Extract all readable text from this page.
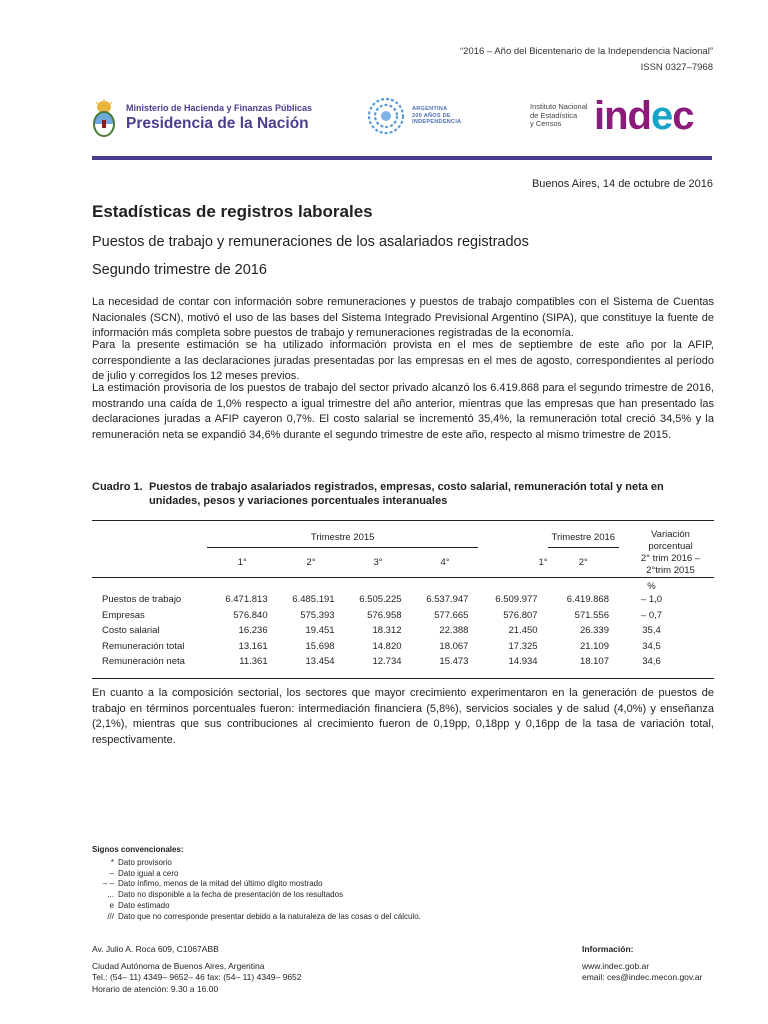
“2016 – Año del Bicentenario de la Independencia Nacional”
ISSN 0327–7968
Ministerio de Hacienda y Finanzas Públicas
Presidencia de la Nación
ARGENTINA
200 AÑOS DE
INDEPENDENCIA
Instituto Nacional
de Estadística
y Censos indec
Buenos Aires, 14 de octubre de 2016
Estadísticas de registros laborales
Puestos de trabajo y remuneraciones de los asalariados registrados
Segundo trimestre de 2016

La necesidad de contar con información sobre remuneraciones y puestos de trabajo compatibles con el Sistema de Cuentas Nacionales (SCN), motivó el uso de las bases del Sistema Integrado Previsional Argentino (SIPA), que constituye la fuente de información más completa sobre puestos de trabajo y remuneraciones registradas de la economía.

Para la presente estimación se ha utilizado información provista en el mes de septiembre de este año por la AFIP, correspondiente a las declaraciones juradas presentadas por las empresas en el mes de agosto, correspondientes al período de julio y corregidos los 12 meses previos.

La estimación provisoria de los puestos de trabajo del sector privado alcanzó los 6.419.868 para el segundo trimestre de 2016, mostrando una caída de 1,0% respecto a igual trimestre del año anterior, mientras que las empresas que han presentado las declaraciones juradas a AFIP cayeron 0,7%. El costo salarial se incrementó 35,4%, la remuneración total creció 34,5% y la remuneración neta se expandió 34,6% durante el segundo trimestre de este año, respecto al mismo trimestre de 2015.

Cuadro 1. Puestos de trabajo asalariados registrados, empresas, costo salarial, remuneración total y neta en unidades, pesos y variaciones porcentuales interanuales

	Trimestre 2015					Trimestre 2016	Variación
porcentual
2° trim 2016 –
2°trim 2015

	1°	2°	3°	4°	1°	2°	

							%
Puestos de trabajo	6.471.813	6.485.191	6.505.225	6.537.947	6.509.977	6.419.868	– 1,0
Empresas	576.840	575.393	576.958	577.665	576.807	571.556	– 0,7
Costo salarial	16.236	19.451	18.312	22.388	21.450	26.339	35,4
Remuneración total	13.161	15.698	14.820	18.067	17.325	21.109	34,5
Remuneración neta	11.361	13.454	12.734	15.473	14.934	18.107	34,6

En cuanto a la composición sectorial, los sectores que mayor crecimiento experimentaron en la generación de puestos de trabajo en términos porcentuales fueron: intermediación financiera (5,8%), servicios sociales y de salud (4,0%) y enseñanza (2,1%), mientras que sus contribuciones al crecimiento fueron de 0,19pp, 0,18pp y 0,16pp de la tasa de variación total, respectivamente.

Signos convencionales:
* Dato provisorio
– Dato igual a cero
– – Dato ínfimo, menos de la mitad del último dígito mostrado
... Dato no disponible a la fecha de presentación de los resultados
e Dato estimado
/// Dato que no corresponde presentar debido a la naturaleza de las cosas o del cálculo.
Av. Julio A. Roca 609, C1067ABB
Ciudad Autónoma de Buenos Aires, Argentina
Tel.: (54– 11) 4349– 9652– 46 fax: (54– 11) 4349– 9652
Horario de atención: 9.30 a 16.00
Información:
www.indec.gob.ar
email: ces@indec.mecon.gov.ar
